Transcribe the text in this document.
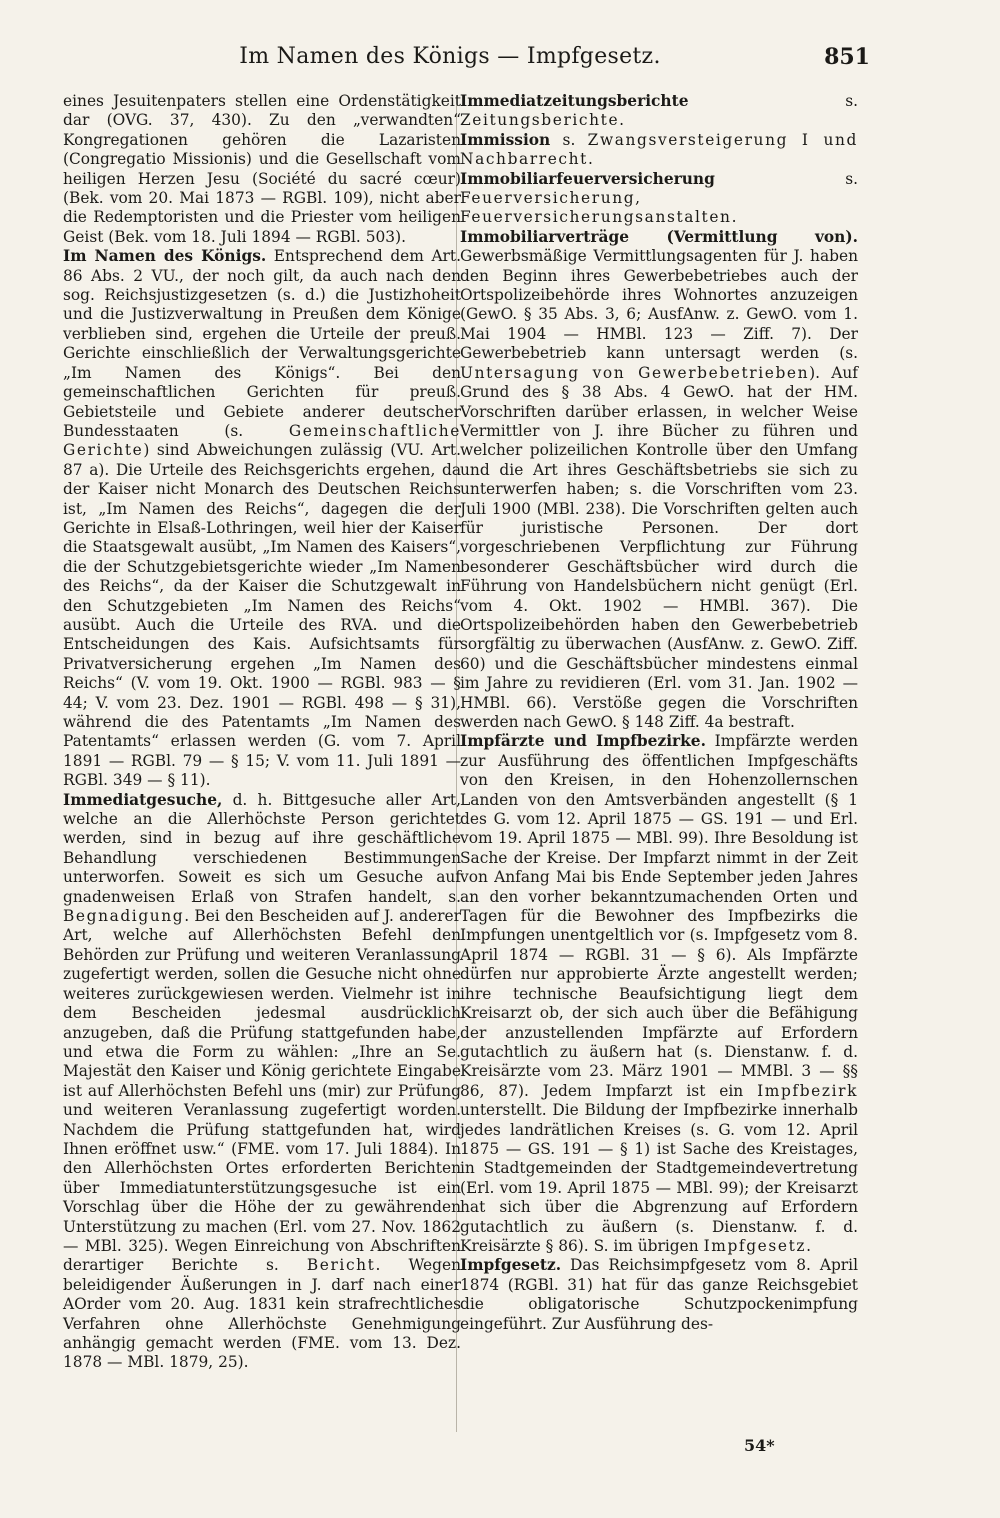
Im Namen des Königs — Impfgesetz.	851

eines Jesuitenpaters stellen eine Ordenstätigkeit dar (OVG. 37, 430). Zu den „verwandten“ Kongregationen gehören die Lazaristen (Congregatio Missionis) und die Gesellschaft vom heiligen Herzen Jesu (Société du sacré cœur) (Bek. vom 20. Mai 1873 — RGBl. 109), nicht aber die Redemptoristen und die Priester vom heiligen Geist (Bek. vom 18. Juli 1894 — RGBl. 503).

Im Namen des Königs. Entsprechend dem Art. 86 Abs. 2 VU., der noch gilt, da auch nach den sog. Reichsjustizgesetzen (s. d.) die Justizhoheit und die Justizverwaltung in Preußen dem Könige verblieben sind, ergehen die Urteile der preuß. Gerichte einschließlich der Verwaltungsgerichte „Im Namen des Königs“. Bei den gemeinschaftlichen Gerichten für preuß. Gebietsteile und Gebiete anderer deutscher Bundesstaaten (s. Gemeinschaftliche Gerichte) sind Abweichungen zulässig (VU. Art. 87 a). Die Urteile des Reichsgerichts ergehen, da der Kaiser nicht Monarch des Deutschen Reichs ist, „Im Namen des Reichs“, dagegen die der Gerichte in Elsaß-Lothringen, weil hier der Kaiser die Staatsgewalt ausübt, „Im Namen des Kaisers“, die der Schutzgebietsgerichte wieder „Im Namen des Reichs“, da der Kaiser die Schutzgewalt in den Schutzgebieten „Im Namen des Reichs“ ausübt. Auch die Urteile des RVA. und die Entscheidungen des Kais. Aufsichtsamts für Privatversicherung ergehen „Im Namen des Reichs“ (V. vom 19. Okt. 1900 — RGBl. 983 — § 44; V. vom 23. Dez. 1901 — RGBl. 498 — § 31), während die des Patentamts „Im Namen des Patentamts“ erlassen werden (G. vom 7. April 1891 — RGBl. 79 — § 15; V. vom 11. Juli 1891 — RGBl. 349 — § 11).

Immediatgesuche, d. h. Bittgesuche aller Art, welche an die Allerhöchste Person gerichtet werden, sind in bezug auf ihre geschäftliche Behandlung verschiedenen Bestimmungen unterworfen. Soweit es sich um Gesuche auf gnadenweisen Erlaß von Strafen handelt, s. Begnadigung. Bei den Bescheiden auf J. anderer Art, welche auf Allerhöchsten Befehl den Behörden zur Prüfung und weiteren Veranlassung zugefertigt werden, sollen die Gesuche nicht ohne weiteres zurückgewiesen werden. Vielmehr ist in dem Bescheiden jedesmal ausdrücklich anzugeben, daß die Prüfung stattgefunden habe, und etwa die Form zu wählen: „Ihre an Se. Majestät den Kaiser und König gerichtete Eingabe ist auf Allerhöchsten Befehl uns (mir) zur Prüfung und weiteren Veranlassung zugefertigt worden. Nachdem die Prüfung stattgefunden hat, wird Ihnen eröffnet usw.“ (FME. vom 17. Juli 1884). In den Allerhöchsten Ortes erforderten Berichten über Immediatunterstützungsgesuche ist ein Vorschlag über die Höhe der zu gewährenden Unterstützung zu machen (Erl. vom 27. Nov. 1862 — MBl. 325). Wegen Einreichung von Abschriften derartiger Berichte s. Bericht. Wegen beleidigender Äußerungen in J. darf nach einer AOrder vom 20. Aug. 1831 kein strafrechtliches Verfahren ohne Allerhöchste Genehmigung anhängig gemacht werden (FME. vom 13. Dez. 1878 — MBl. 1879, 25).

Immediatzeitungsberichte s. Zeitungsberichte.

Immission s. Zwangsversteigerung I und Nachbarrecht.

Immobiliarfeuerversicherung s. Feuerversicherung, Feuerversicherungsanstalten.

Immobiliarverträge (Vermittlung von). Gewerbsmäßige Vermittlungsagenten für J. haben den Beginn ihres Gewerbebetriebes auch der Ortspolizeibehörde ihres Wohnortes anzuzeigen (GewO. § 35 Abs. 3, 6; AusfAnw. z. GewO. vom 1. Mai 1904 — HMBl. 123 — Ziff. 7). Der Gewerbebetrieb kann untersagt werden (s. Untersagung von Gewerbebetrieben). Auf Grund des § 38 Abs. 4 GewO. hat der HM. Vorschriften darüber erlassen, in welcher Weise Vermittler von J. ihre Bücher zu führen und welcher polizeilichen Kontrolle über den Umfang und die Art ihres Geschäftsbetriebs sie sich zu unterwerfen haben; s. die Vorschriften vom 23. Juli 1900 (MBl. 238). Die Vorschriften gelten auch für juristische Personen. Der dort vorgeschriebenen Verpflichtung zur Führung besonderer Geschäftsbücher wird durch die Führung von Handelsbüchern nicht genügt (Erl. vom 4. Okt. 1902 — HMBl. 367). Die Ortspolizeibehörden haben den Gewerbebetrieb sorgfältig zu überwachen (AusfAnw. z. GewO. Ziff. 60) und die Geschäftsbücher mindestens einmal im Jahre zu revidieren (Erl. vom 31. Jan. 1902 — HMBl. 66). Verstöße gegen die Vorschriften werden nach GewO. § 148 Ziff. 4a bestraft.

Impfärzte und Impfbezirke. Impfärzte werden zur Ausführung des öffentlichen Impfgeschäfts von den Kreisen, in den Hohenzollernschen Landen von den Amtsverbänden angestellt (§ 1 des G. vom 12. April 1875 — GS. 191 — und Erl. vom 19. April 1875 — MBl. 99). Ihre Besoldung ist Sache der Kreise. Der Impfarzt nimmt in der Zeit von Anfang Mai bis Ende September jeden Jahres an den vorher bekanntzumachenden Orten und Tagen für die Bewohner des Impfbezirks die Impfungen unentgeltlich vor (s. Impfgesetz vom 8. April 1874 — RGBl. 31 — § 6). Als Impfärzte dürfen nur approbierte Ärzte angestellt werden; ihre technische Beaufsichtigung liegt dem Kreisarzt ob, der sich auch über die Befähigung der anzustellenden Impfärzte auf Erfordern gutachtlich zu äußern hat (s. Dienstanw. f. d. Kreisärzte vom 23. März 1901 — MMBl. 3 — §§ 86, 87). Jedem Impfarzt ist ein Impfbezirk unterstellt. Die Bildung der Impfbezirke innerhalb jedes landrätlichen Kreises (s. G. vom 12. April 1875 — GS. 191 — § 1) ist Sache des Kreistages, in Stadtgemeinden der Stadtgemeindevertretung (Erl. vom 19. April 1875 — MBl. 99); der Kreisarzt hat sich über die Abgrenzung auf Erfordern gutachtlich zu äußern (s. Dienstanw. f. d. Kreisärzte § 86). S. im übrigen Impfgesetz.

Impfgesetz. Das Reichsimpfgesetz vom 8. April 1874 (RGBl. 31) hat für das ganze Reichsgebiet die obligatorische Schutzpockenimpfung eingeführt. Zur Ausführung des-

54*
